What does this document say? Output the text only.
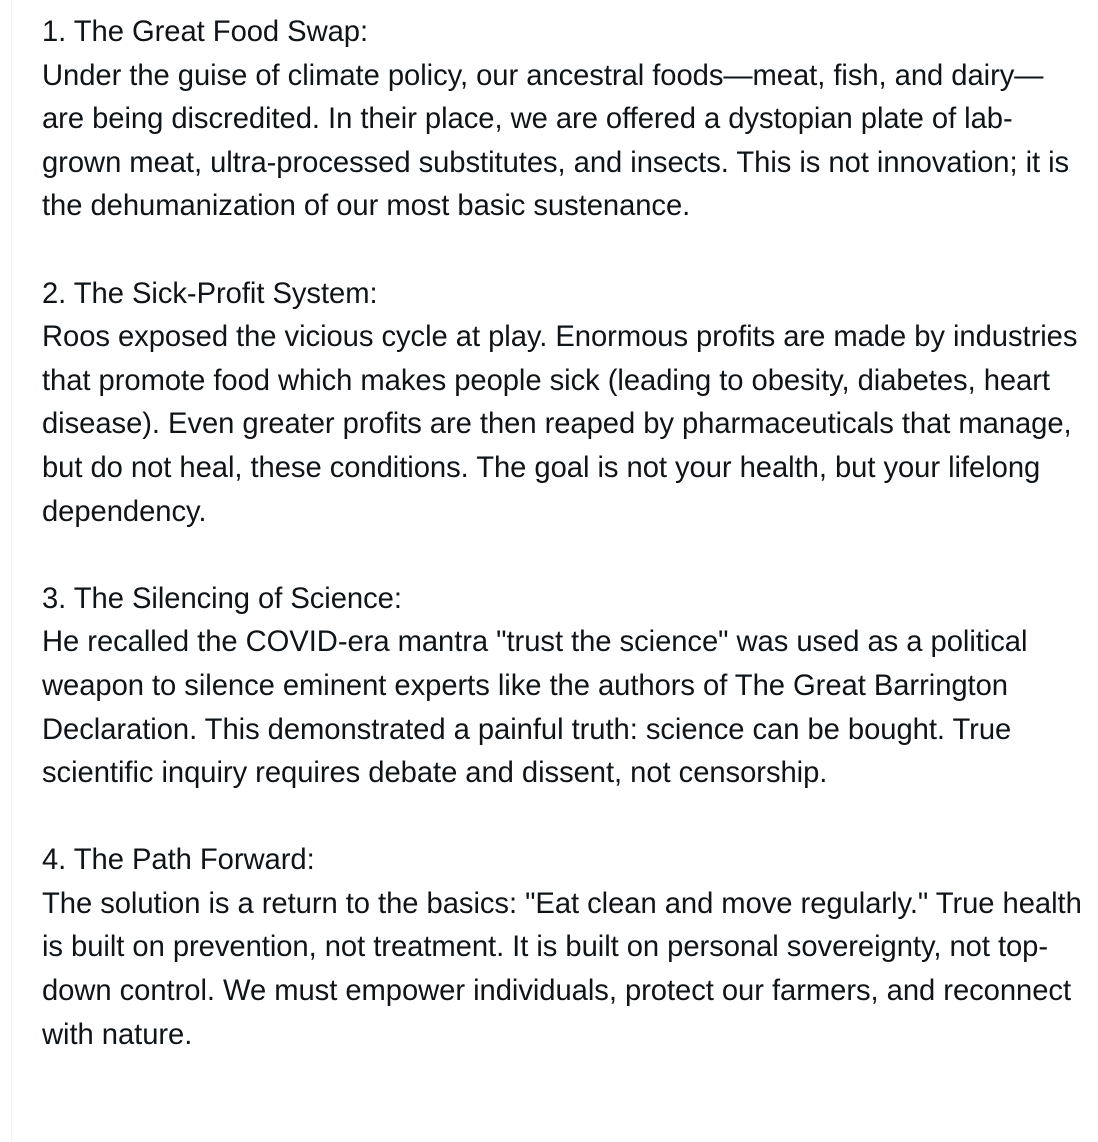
1. The Great Food Swap:

Under the guise of climate policy, our ancestral foods—meat, fish, and dairy—are being discredited. In their place, we are offered a dystopian plate of lab-grown meat, ultra-processed substitutes, and insects. This is not innovation; it is the dehumanization of our most basic sustenance.

2. The Sick-Profit System:

Roos exposed the vicious cycle at play. Enormous profits are made by industries that promote food which makes people sick (leading to obesity, diabetes, heart disease). Even greater profits are then reaped by pharmaceuticals that manage, but do not heal, these conditions. The goal is not your health, but your lifelong dependency.

3. The Silencing of Science:

He recalled the COVID-era mantra "trust the science" was used as a political weapon to silence eminent experts like the authors of The Great Barrington Declaration. This demonstrated a painful truth: science can be bought. True scientific inquiry requires debate and dissent, not censorship.

4. The Path Forward:

The solution is a return to the basics: "Eat clean and move regularly." True health is built on prevention, not treatment. It is built on personal sovereignty, not top-down control. We must empower individuals, protect our farmers, and reconnect with nature.
